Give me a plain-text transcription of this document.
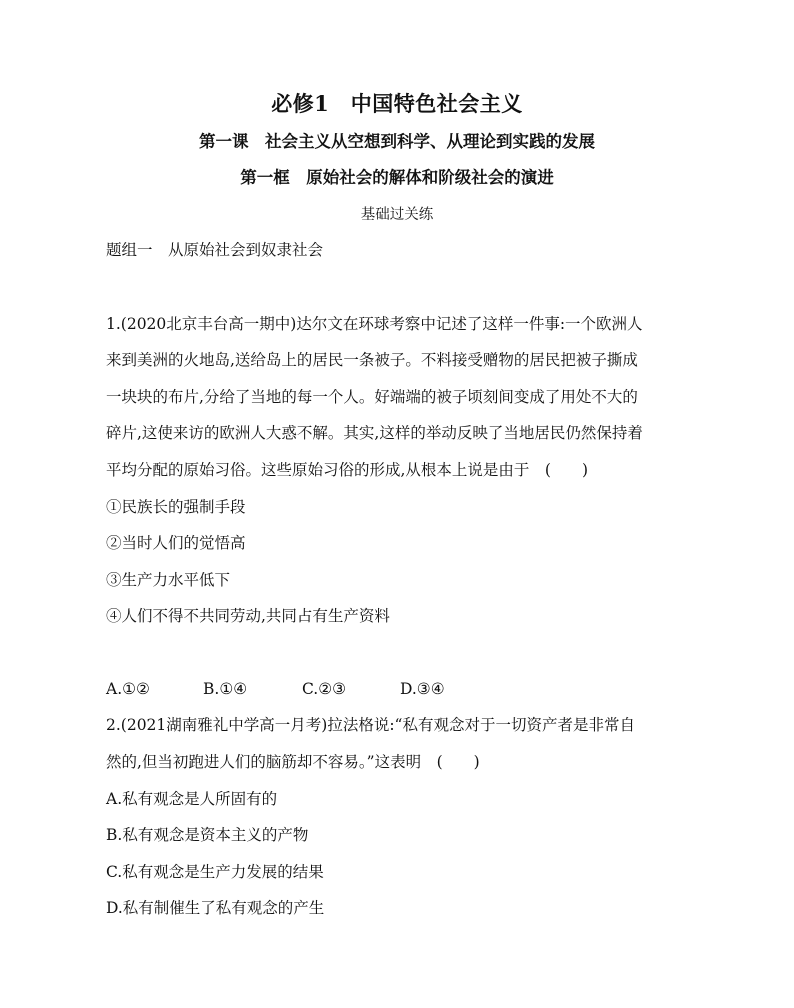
必修1　中国特色社会主义
第一课　社会主义从空想到科学、从理论到实践的发展
第一框　原始社会的解体和阶级社会的演进
基础过关练
题组一　从原始社会到奴隶社会
1.(2020北京丰台高一期中)达尔文在环球考察中记述了这样一件事:一个欧洲人
来到美洲的火地岛,送给岛上的居民一条被子。不料接受赠物的居民把被子撕成
一块块的布片,分给了当地的每一个人。好端端的被子顷刻间变成了用处不大的
碎片,这使来访的欧洲人大惑不解。其实,这样的举动反映了当地居民仍然保持着
平均分配的原始习俗。这些原始习俗的形成,从根本上说是由于　(　　)
①民族长的强制手段
②当时人们的觉悟高
③生产力水平低下
④人们不得不共同劳动,共同占有生产资料
A.①②	B.①④	C.②③	D.③④
2.(2021湖南雅礼中学高一月考)拉法格说:“私有观念对于一切资产者是非常自
然的,但当初跑进人们的脑筋却不容易。”这表明　(　　)
A.私有观念是人所固有的
B.私有观念是资本主义的产物
C.私有观念是生产力发展的结果
D.私有制催生了私有观念的产生
